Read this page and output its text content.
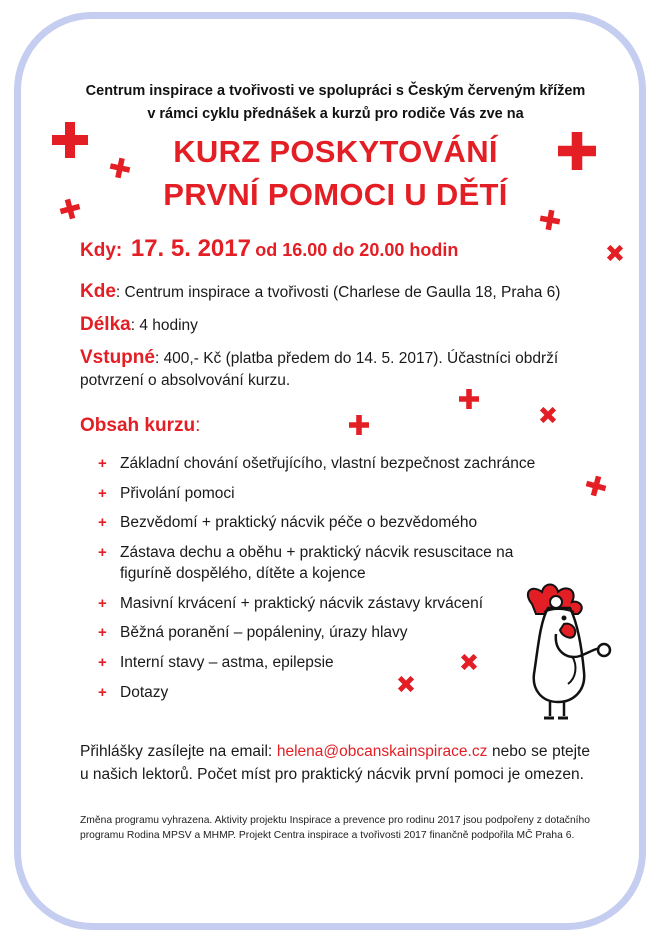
Centrum inspirace a tvořivosti ve spolupráci s Českým červeným křížem
v rámci cyklu přednášek a kurzů pro rodiče Vás zve na
KURZ POSKYTOVÁNÍ
PRVNÍ POMOCI U DĚTÍ
Kdy: 17. 5. 2017 od 16.00 do 20.00 hodin
Kde: Centrum inspirace a tvořivosti (Charlese de Gaulla 18, Praha 6)
Délka: 4 hodiny
Vstupné: 400,- Kč (platba předem do 14. 5. 2017). Účastníci obdrží
potvrzení o absolvování kurzu.
Obsah kurzu:
+ Základní chování ošetřujícího, vlastní bezpečnost zachránce
+ Přivolání pomoci
+ Bezvědomí + praktický nácvik péče o bezvědomého
+ Zástava dechu a oběhu + praktický nácvik resuscitace na figuríně dospělého, dítěte a kojence
+ Masivní krvácení + praktický nácvik zástavy krvácení
+ Běžná poranění – popáleniny, úrazy hlavy
+ Interní stavy – astma, epilepsie
+ Dotazy
Přihlášky zasílejte na email: helena@obcanskainspirace.cz nebo se ptejte u našich lektorů. Počet míst pro praktický nácvik první pomoci je omezen.
Změna programu vyhrazena. Aktivity projektu Inspirace a prevence pro rodinu 2017 jsou podpořeny z dotačního programu Rodina MPSV a MHMP. Projekt Centra inspirace a tvořivosti 2017 finančně podpořila MČ Praha 6.
